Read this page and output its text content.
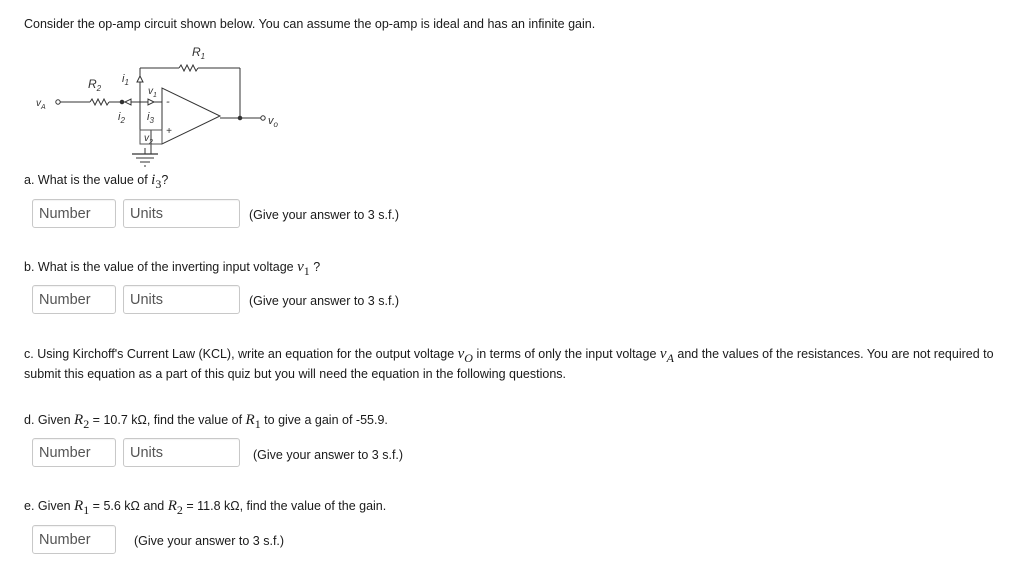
Consider the op-amp circuit shown below. You can assume the op-amp is ideal and has an infinite gain.
$R_1$
$R_2$
$v_A$
$v_o$
$i_1$
$i_2$ $i_3$
$v_1$
$v_2$
-
+
a. What is the value of i3?
Number
Units
(Give your answer to 3 s.f.)
b. What is the value of the inverting input voltage v1 ?
Number
Units
(Give your answer to 3 s.f.)
c. Using Kirchoff's Current Law (KCL), write an equation for the output voltage vO in terms of only the input voltage vA and the values of the resistances. You are not required to submit this equation as a part of this quiz but you will need the equation in the following questions.
d. Given R2 = 10.7 kΩ, find the value of R1 to give a gain of -55.9.
Number
Units
(Give your answer to 3 s.f.)
e. Given R1 = 5.6 kΩ and R2 = 11.8 kΩ, find the value of the gain.
Number
(Give your answer to 3 s.f.)
